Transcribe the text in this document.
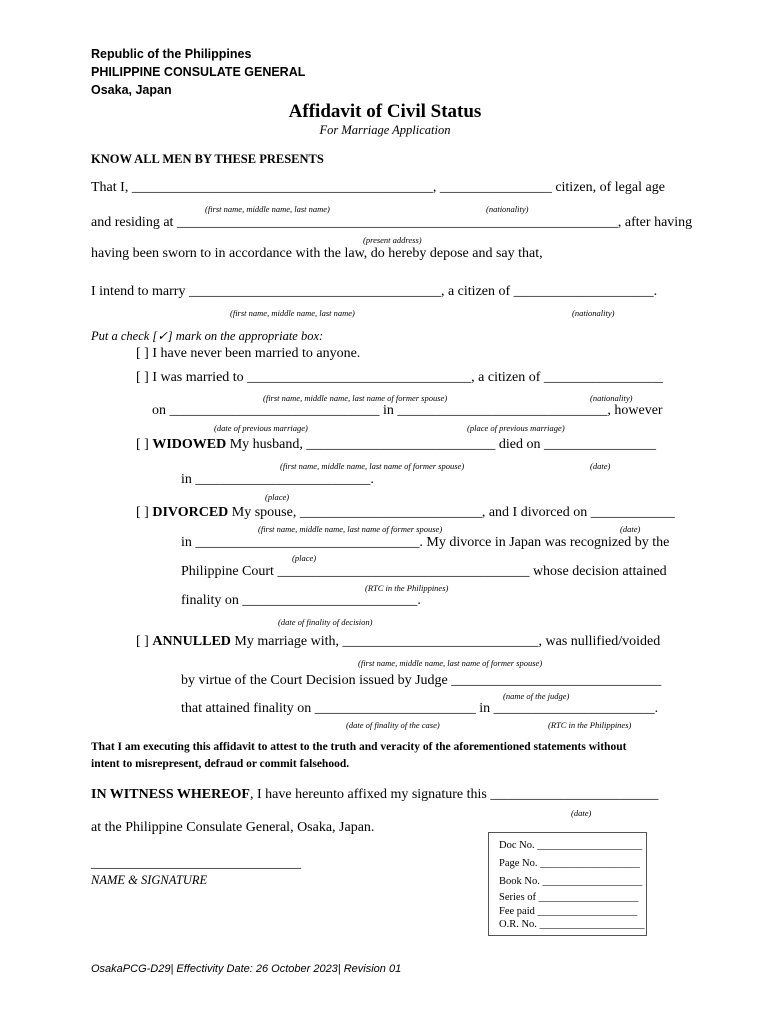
Republic of the Philippines
PHILIPPINE CONSULATE GENERAL
Osaka, Japan
Affidavit of Civil Status
For Marriage Application
KNOW ALL MEN BY THESE PRESENTS
That I, ___________________________________________, ________________ citizen, of legal age
(first name, middle name, last name)	(nationality)
and residing at _______________________________________________________________, after having
(present address)
having been sworn to in accordance with the law, do hereby depose and say that,
I intend to marry ____________________________________, a citizen of ____________________.
(first name, middle name, last name)	(nationality)
Put a check [✓] mark on the appropriate box:
[ ] I have never been married to anyone.
[ ] I was married to ________________________________, a citizen of _________________
(first name, middle name, last name of former spouse)	(nationality)
on ______________________________ in ______________________________, however
(date of previous marriage)	(place of previous marriage)
[ ] WIDOWED My husband, ___________________________ died on ________________
(first name, middle name, last name of former spouse)	(date)
in _________________________.
(place)
[ ] DIVORCED My spouse, __________________________, and I divorced on ____________
(first name, middle name, last name of former spouse)	(date)
in ________________________________. My divorce in Japan was recognized by the
(place)
Philippine Court ____________________________________ whose decision attained
(RTC in the Philippines)
finality on _________________________.
(date of finality of decision)
[ ] ANNULLED My marriage with, ____________________________, was nullified/voided
(first name, middle name, last name of former spouse)
by virtue of the Court Decision issued by Judge ______________________________
(name of the judge)
that attained finality on _______________________ in _______________________.
(date of finality of the case)	(RTC in the Philippines)
That I am executing this affidavit to attest to the truth and veracity of the aforementioned statements without
intent to misrepresent, defraud or commit falsehood.
IN WITNESS WHEREOF, I have hereunto affixed my signature this ________________________
(date)
at the Philippine Consulate General, Osaka, Japan.
______________________________
NAME & SIGNATURE
Doc No. ____________________
Page No. ___________________
Book No. ___________________
Series of ___________________
Fee paid ___________________
O.R. No. ____________________
OsakaPCG-D29| Effectivity Date: 26 October 2023| Revision 01
